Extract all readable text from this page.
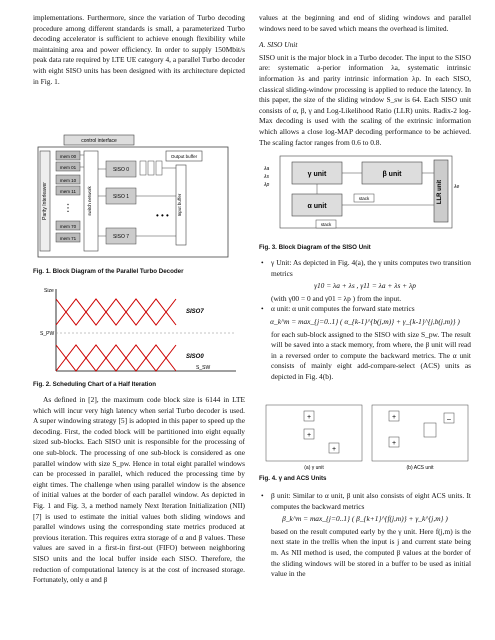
implementations. Furthermore, since the variation of Turbo decoding procedure among different standards is small, a parameterized Turbo decoding accelerator is sufficient to achieve enough flexibility while maintaining area and power efficiency. In order to supply 150Mbit/s peak data rate required by LTE UE category 4, a parallel Turbo decoder with eight SISO units has been designed with its architecture depicted in Fig. 1.

control interface
Parity Interleaver
mem 00
mem 01
mem 10
mem 11
mem 70
mem 71
⋮	switch network
SISO 0
SISO 1
SISO 7
• • •
Output buffer
Input buffer
Fig. 1. Block Diagram of the Parallel Turbo Decoder
Size
SISO7
SISO0
S_PW
S_SW
Fig. 2. Scheduling Chart of a Half Iteration

As defined in [2], the maximum code block size is 6144 in LTE which will incur very high latency when serial Turbo decoder is used. A super windowing strategy [5] is adopted in this paper to speed up the decoding. First, the coded block will be partitioned into eight equally sized sub-blocks. Each SISO unit is responsible for the processing of one sub-block. The processing of one sub-block is considered as one parallel window with size S_pw. Hence in total eight parallel windows can be processed in parallel, which reduced the processing time by eight times. The challenge when using parallel window is the absence of initial values at the border of each parallel window. As depicted in Fig. 1 and Fig. 3, a method namely Next Iteration Initialization (NII) [7] is used to estimate the initial values both sliding windows and parallel windows using the corresponding state metrics produced at previous iteration. This requires extra storage of α and β values. These values are saved in a first-in first-out (FIFO) between neighboring SISO units and the local buffer inside each SISO. Therefore, the reduction of computational latency is at the cost of increased storage. Fortunately, only α and β

values at the beginning and end of sliding windows and parallel windows need to be saved which means the overhead is limited.

A. SISO Unit

SISO unit is the major block in a Turbo decoder. The input to the SISO are: systematic a-perior information λa, systematic intrinsic information λs and parity intrinsic information λp. In each SISO, classical sliding-window processing is applied to reduce the latency. In this paper, the size of the sliding window S_sw is 64. Each SISO unit consists of α, β, γ and Log-Likelihood Ratio (LLR) units. Radix-2 log-Max decoding is used with the scaling of the extrinsic information which allows a close log-MAP decoding performance to be achieved. The scaling factor ranges from 0.6 to 0.8.

λa
λs
λp
γ unit	β unit
α unit
stack
stack
LLR unit λe
Fig. 3. Block Diagram of the SISO Unit

• γ Unit: As depicted in Fig. 4(a), the γ units computes two transition metrics

γ10 = λa + λs , γ11 = λa + λs + λp

(with γ00 = 0 and γ01 = λp ) from the input.

• α unit: α unit computes the forward state metrics

α_k^m = max_{j=0..1} ( α_{k-1}^{b(j,m)} + γ_{k-1}^{j,b(j,m)} )

for each sub-block assigned to the SISO with size S_pw. The result will be saved into a stack memory, from where, the β unit will read in a reversed order to compute the backward metrics. The α unit consists of mainly eight add-compare-select (ACS) units as depicted in Fig. 4(b).

+
+
+
(a) γ unit
+
+
–
(b) ACS unit
Fig. 4. γ and ACS Units

• β unit: Similar to α unit, β unit also consists of eight ACS units. It computes the backward metrics

β_k^m = max_{j=0..1} ( β_{k+1}^{f(j,m)} + γ_k^{j,m} )

based on the result computed early by the γ unit. Here f(j,m) is the next state in the trellis when the input is j and current state being m. As NII method is used, the computed β values at the border of the sliding windows will be stored in a buffer to be used as initial value in the
